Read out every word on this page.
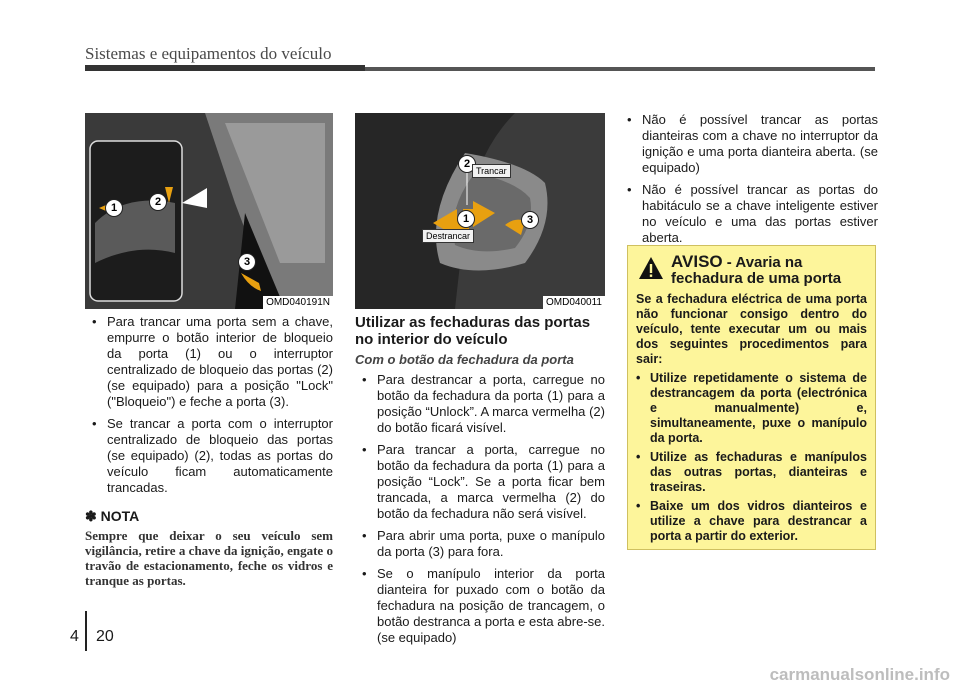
Sistemas e equipamentos do veículo
1	2
3
OMD040191N
2
1	3
Trancar
Destrancar
OMD040011
• Para trancar uma porta sem a chave, empurre o botão interior de bloqueio da porta (1) ou o interruptor centralizado de bloqueio das portas (2) (se equipado) para a posição "Lock" ("Bloqueio") e feche a porta (3).
• Se trancar a porta com o interruptor centralizado de bloqueio das portas (se equipado) (2), todas as portas do veículo ficam automaticamente trancadas.
✽ NOTA
Sempre que deixar o seu veículo sem vigilância, retire a chave da ignição, engate o travão de estacionamento, feche os vidros e tranque as portas.
Utilizar as fechaduras das portas no interior do veículo
Com o botão da fechadura da porta
• Para destrancar a porta, carregue no botão da fechadura da porta (1) para a posição “Unlock”. A marca vermelha (2) do botão ficará visível.
• Para trancar a porta, carregue no botão da fechadura da porta (1) para a posição “Lock”. Se a porta ficar bem trancada, a marca vermelha (2) do botão da fechadura não será visível.
• Para abrir uma porta, puxe o manípulo da porta (3) para fora.
• Se o manípulo interior da porta dianteira for puxado com o botão da fechadura na posição de trancagem, o botão destranca a porta e esta abre-se. (se equipado)
• Não é possível trancar as portas dianteiras com a chave no interruptor da ignição e uma porta dianteira aberta. (se equipado)
• Não é possível trancar as portas do habitáculo se a chave inteligente estiver no veículo e uma das portas estiver aberta.
AVISO - Avaria na fechadura de uma porta
Se a fechadura eléctrica de uma porta não funcionar consigo dentro do veículo, tente executar um ou mais dos seguintes procedimentos para sair:
• Utilize repetidamente o sistema de destrancagem da porta (electrónica e manualmente) e, simultaneamente, puxe o manípulo da porta.
• Utilize as fechaduras e manípulos das outras portas, dianteiras e traseiras.
• Baixe um dos vidros dianteiros e utilize a chave para destrancar a porta a partir do exterior.
4 20
carmanualsonline.info
